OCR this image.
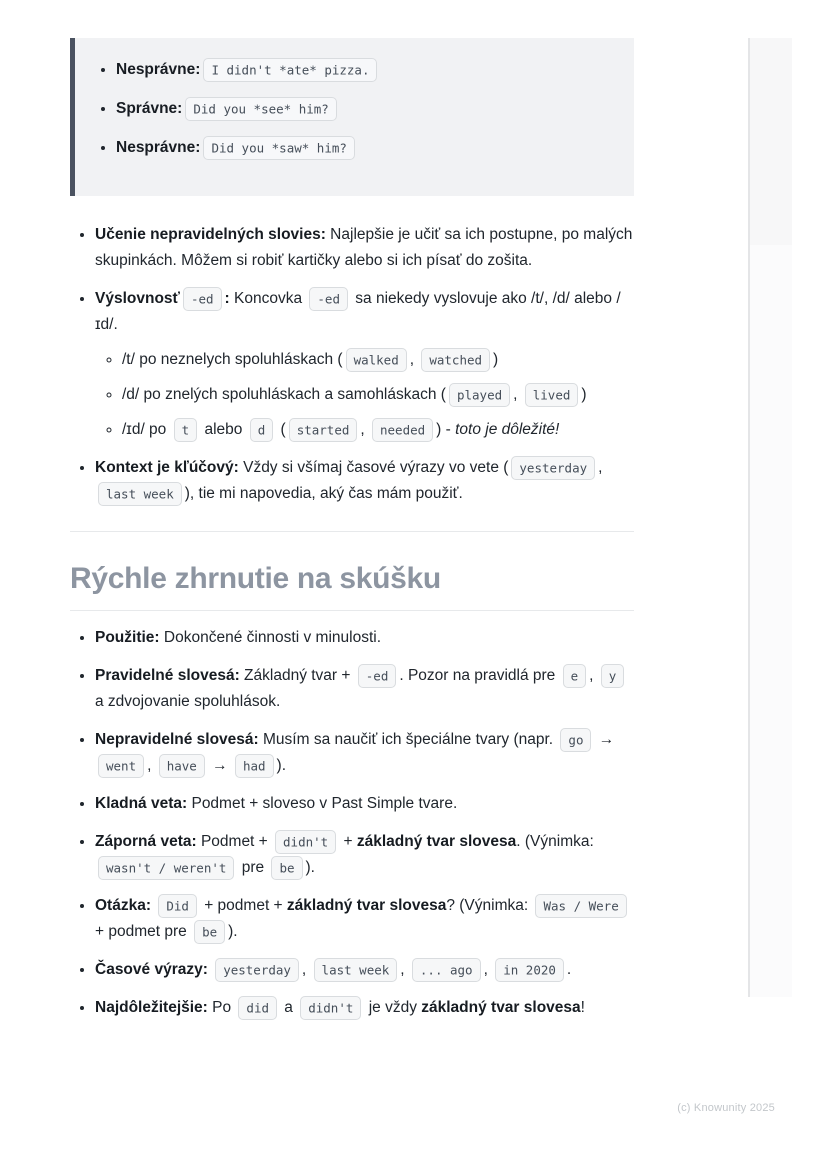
• Nesprávne: I didn't *ate* pizza.
• Správne: Did you *see* him?
• Nesprávne: Did you *saw* him?
• Učenie nepravidelných slovies: Najlepšie je učiť sa ich postupne, po malých skupinkách. Môžem si robiť kartičky alebo si ich písať do zošita.
• Výslovnosť -ed : Koncovka -ed sa niekedy vyslovuje ako /t/, /d/ alebo /ɪd/.
◦ /t/ po neznelych spoluhláskach ( walked , watched )
◦ /d/ po znelých spoluhláskach a samohláskach ( played , lived )
◦ /ɪd/ po t alebo d ( started , needed ) - toto je dôležité!
• Kontext je kľúčový: Vždy si všímaj časové výrazy vo vete ( yesterday , last week ), tie mi napovedia, aký čas mám použiť.
Rýchle zhrnutie na skúšku
• Použitie: Dokončené činnosti v minulosti.
• Pravidelné slovesá: Základný tvar + -ed . Pozor na pravidlá pre e , y a zdvojovanie spoluhlások.
• Nepravidelné slovesá: Musím sa naučiť ich špeciálne tvary (napr. go → went , have → had ).
• Kladná veta: Podmet + sloveso v Past Simple tvare.
• Záporná veta: Podmet + didn't + základný tvar slovesa. (Výnimka: wasn't / weren't pre be ).
• Otázka: Did + podmet + základný tvar slovesa? (Výnimka: Was / Were + podmet pre be ).
• Časové výrazy: yesterday , last week , ... ago , in 2020 .
• Najdôležitejšie: Po did a didn't je vždy základný tvar slovesa!
(c) Knowunity 2025
